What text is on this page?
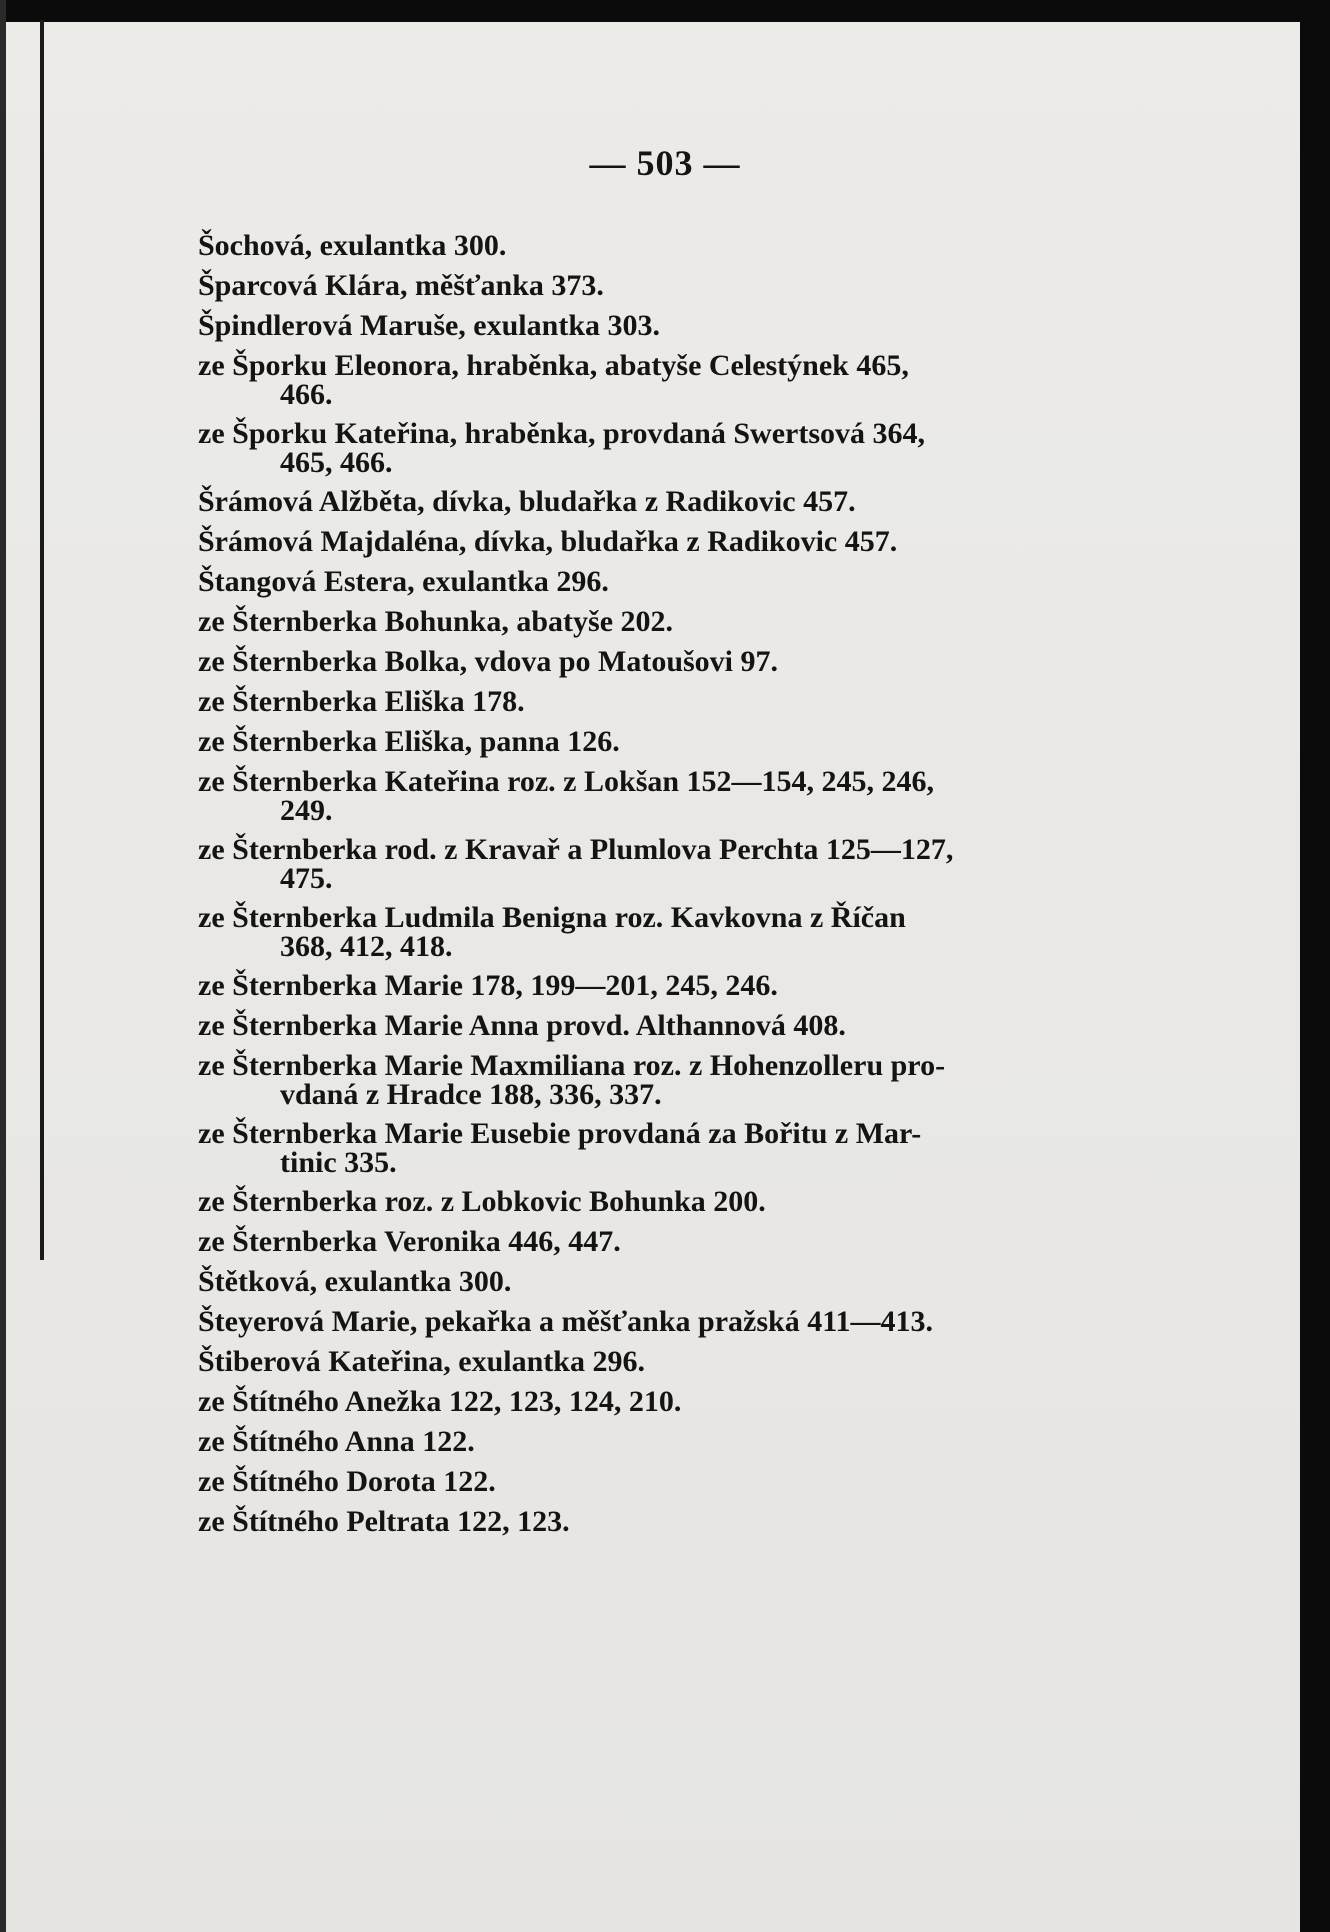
— 503 —
Šochová, exulantka 300.
Šparcová Klára, měšťanka 373.
Špindlerová Maruše, exulantka 303.
ze Šporku Eleonora, hraběnka, abatyše Celestýnek 465,
466.
ze Šporku Kateřina, hraběnka, provdaná Swertsová 364,
465, 466.
Šrámová Alžběta, dívka, bludařka z Radikovic 457.
Šrámová Majdaléna, dívka, bludařka z Radikovic 457.
Štangová Estera, exulantka 296.
ze Šternberka Bohunka, abatyše 202.
ze Šternberka Bolka, vdova po Matoušovi 97.
ze Šternberka Eliška 178.
ze Šternberka Eliška, panna 126.
ze Šternberka Kateřina roz. z Lokšan 152—154, 245, 246,
249.
ze Šternberka rod. z Kravař a Plumlova Perchta 125—127,
475.
ze Šternberka Ludmila Benigna roz. Kavkovna z Říčan
368, 412, 418.
ze Šternberka Marie 178, 199—201, 245, 246.
ze Šternberka Marie Anna provd. Althannová 408.
ze Šternberka Marie Maxmiliana roz. z Hohenzolleru pro-
vdaná z Hradce 188, 336, 337.
ze Šternberka Marie Eusebie provdaná za Bořitu z Mar-
tinic 335.
ze Šternberka roz. z Lobkovic Bohunka 200.
ze Šternberka Veronika 446, 447.
Štětková, exulantka 300.
Šteyerová Marie, pekařka a měšťanka pražská 411—413.
Štiberová Kateřina, exulantka 296.
ze Štítného Anežka 122, 123, 124, 210.
ze Štítného Anna 122.
ze Štítného Dorota 122.
ze Štítného Peltrata 122, 123.
